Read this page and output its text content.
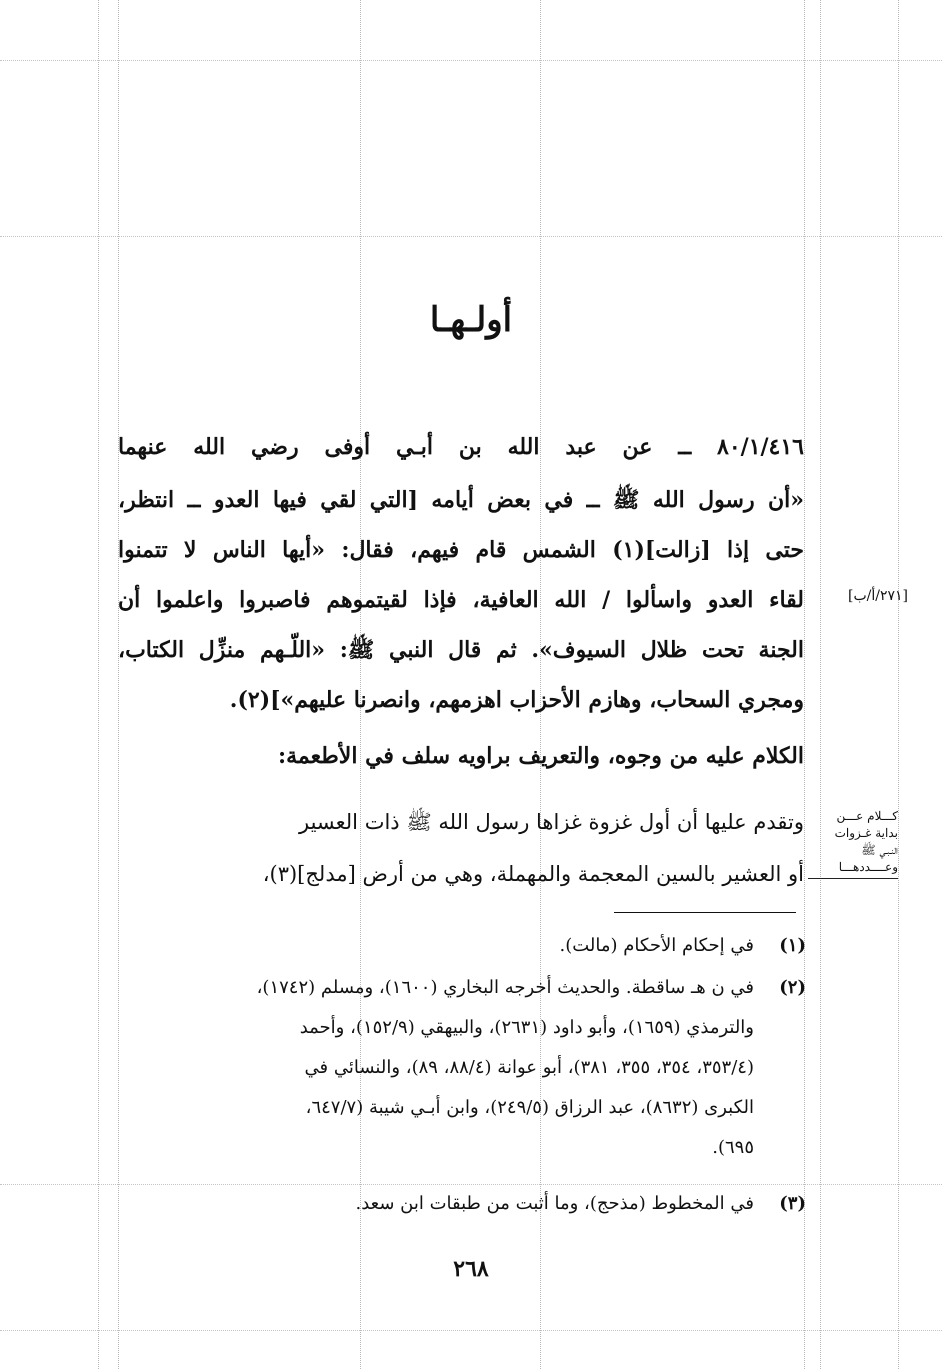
أولـهـا
٨٠/١/٤١٦ ــ عن عبد الله بن أبـي أوفى رضي الله عنهما
«أن رسول الله ﷺ ــ في بعض أيامه [التي لقي فيها العدو ــ انتظر،
حتى إذا [زالت](١) الشمس قام فيهم، فقال: «أيها الناس لا تتمنوا
لقاء العدو واسألوا / الله العافية، فإذا لقيتموهم فاصبروا واعلموا أن
الجنة تحت ظلال السيوف». ثم قال النبي ﷺ: «اللّـهم منزِّل الكتاب،
ومجري السحاب، وهازم الأحزاب اهزمهم، وانصرنا عليهم»](٢).
[٢٧١/أ/ب]
الكلام عليه من وجوه، والتعريف براويه سلف في الأطعمة:
كـــلام عـــن
بداية غـزوات
النـبـي ﷺ
وعــــدده‍ـــا
وتقدم عليها أن أول غزوة غزاها رسول الله ﷺ ذات العسير
أو العشير بالسين المعجمة والمهملة، وهي من أرض [مدلج](٣)،
(١)
في إحكام الأحكام (مالت).
(٢)
في ن هـ ساقطة. والحديث أخرجه البخاري (١٦٠٠)، ومسلم (١٧٤٢)،
والترمذي (١٦٥٩)، وأبو داود (٢٦٣١)، والبيهقي (١٥٢/٩)، وأحمد
(٣٥٣/٤، ٣٥٤، ٣٥٥، ٣٨١)، أبو عوانة (٨٨/٤، ٨٩)، والنسائي في
الكبرى (٨٦٣٢)، عبد الرزاق (٢٤٩/٥)، وابن أبـي شيبة (٦٤٧/٧،
٦٩٥).
(٣)
في المخطوط (مذحج)، وما أثبت من طبقات ابن سعد.
٢٦٨
